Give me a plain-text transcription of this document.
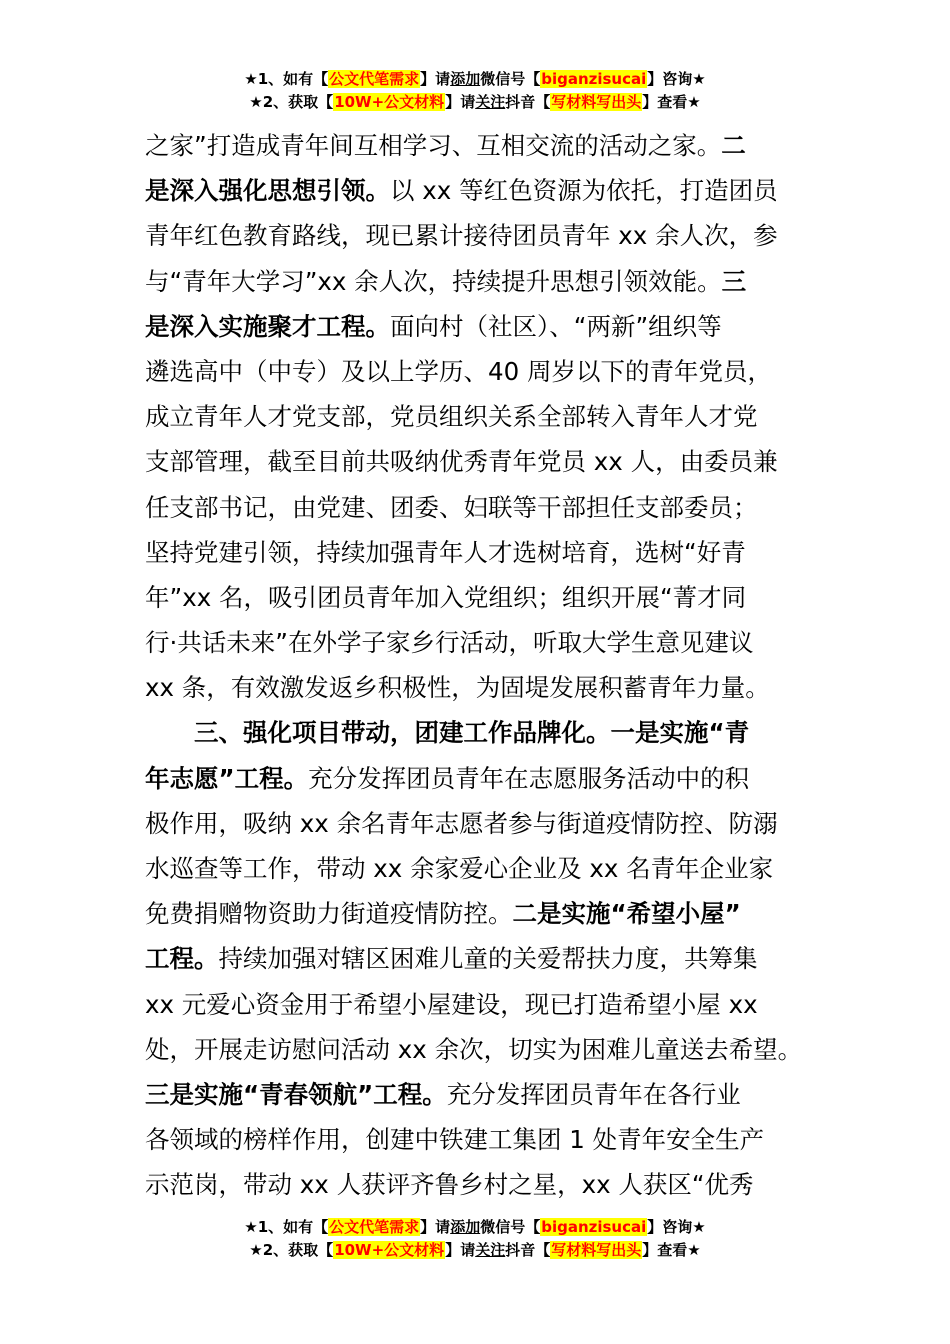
★1、如有【公文代笔需求】请添加微信号【biganzisucai】咨询★
★2、获取【10W+公文材料】请关注抖音【写材料写出头】查看★
之家”打造成青年间互相学习、互相交流的活动之家。二
是深入强化思想引领。以 xx 等红色资源为依托，打造团员
青年红色教育路线，现已累计接待团员青年 xx 余人次，参
与“青年大学习”xx 余人次，持续提升思想引领效能。三
是深入实施聚才工程。面向村（社区）、“两新”组织等
遴选高中（中专）及以上学历、40 周岁以下的青年党员，
成立青年人才党支部，党员组织关系全部转入青年人才党
支部管理，截至目前共吸纳优秀青年党员 xx 人，由委员兼
任支部书记，由党建、团委、妇联等干部担任支部委员；
坚持党建引领，持续加强青年人才选树培育，选树“好青
年”xx 名，吸引团员青年加入党组织；组织开展“菁才同
行·共话未来”在外学子家乡行活动，听取大学生意见建议
xx 条，有效激发返乡积极性，为固堤发展积蓄青年力量。
三、强化项目带动，团建工作品牌化。一是实施“青
年志愿”工程。充分发挥团员青年在志愿服务活动中的积
极作用，吸纳 xx 余名青年志愿者参与街道疫情防控、防溺
水巡查等工作，带动 xx 余家爱心企业及 xx 名青年企业家
免费捐赠物资助力街道疫情防控。二是实施“希望小屋”
工程。持续加强对辖区困难儿童的关爱帮扶力度，共筹集
xx 元爱心资金用于希望小屋建设，现已打造希望小屋 xx
处，开展走访慰问活动 xx 余次，切实为困难儿童送去希望。
三是实施“青春领航”工程。充分发挥团员青年在各行业
各领域的榜样作用，创建中铁建工集团 1 处青年安全生产
示范岗，带动 xx 人获评齐鲁乡村之星，xx 人获区“优秀
★1、如有【公文代笔需求】请添加微信号【biganzisucai】咨询★
★2、获取【10W+公文材料】请关注抖音【写材料写出头】查看★
